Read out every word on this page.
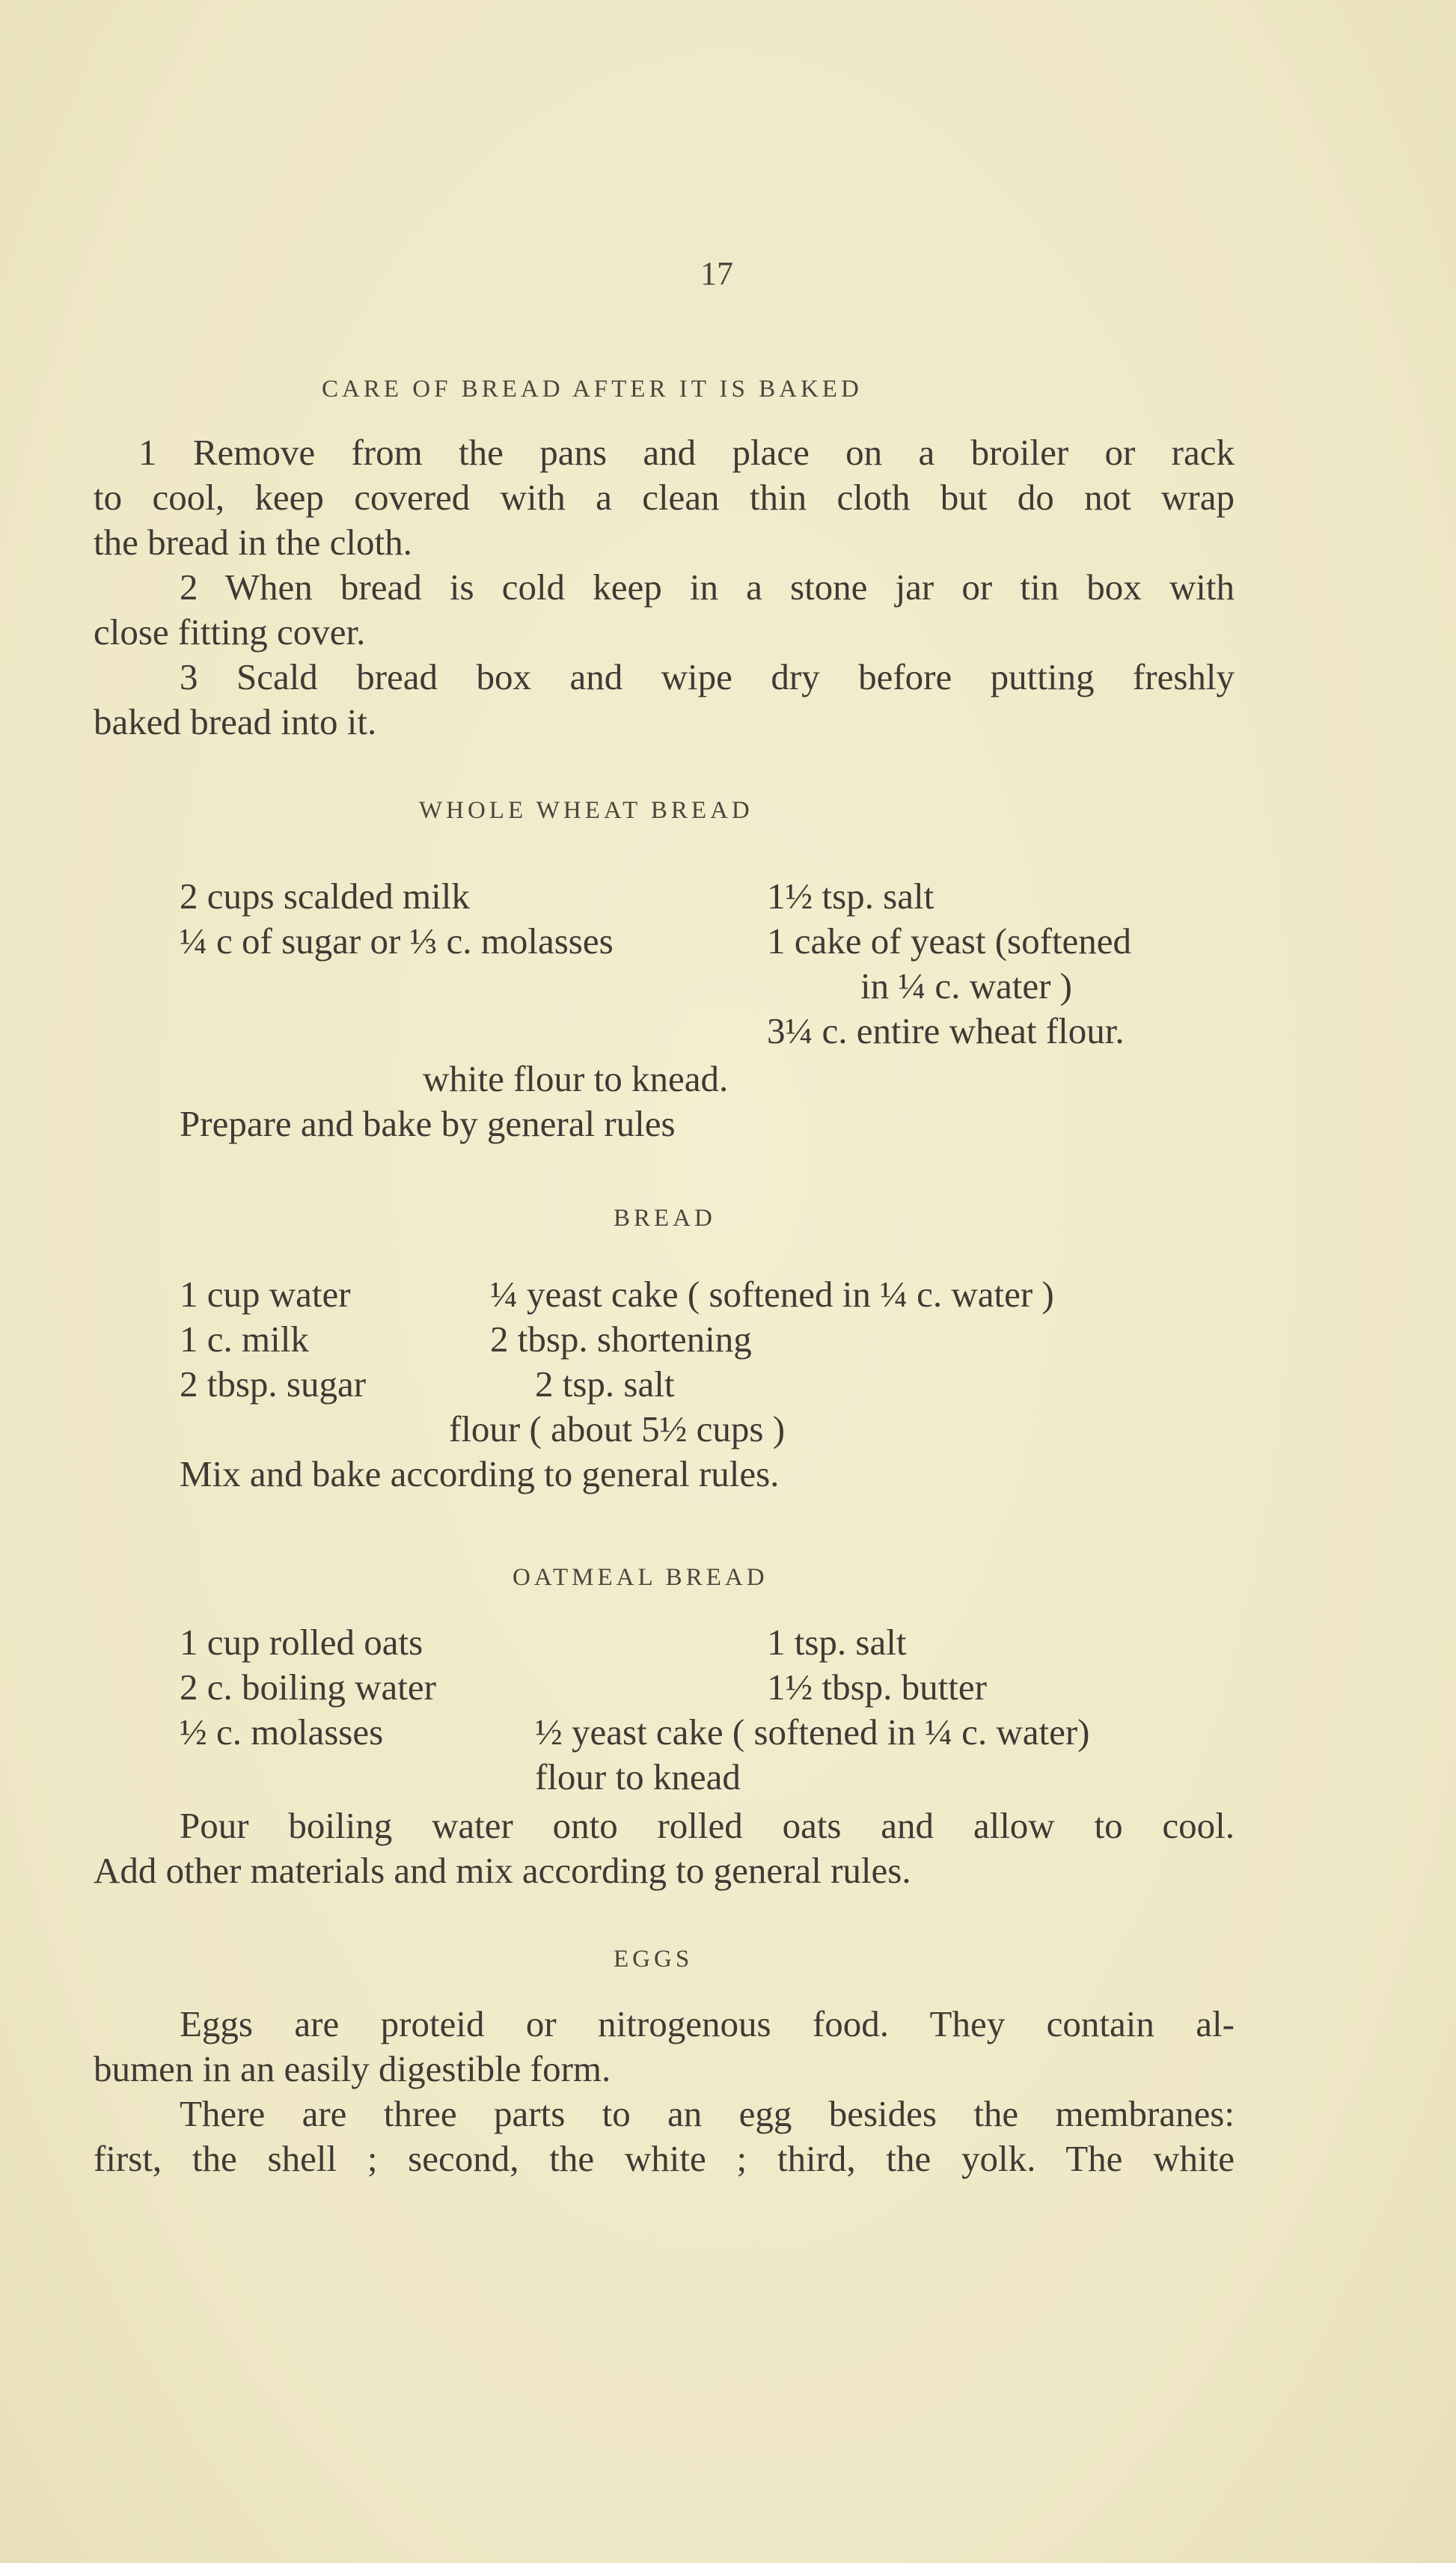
17
CARE OF BREAD AFTER IT IS BAKED
1 Remove from the pans and place on a broiler or rack
to cool, keep covered with a clean thin cloth but do not wrap
the bread in the cloth.
2 When bread is cold keep in a stone jar or tin box with
close fitting cover.
3 Scald bread box and wipe dry before putting freshly
baked bread into it.
WHOLE WHEAT BREAD
2 cups scalded milk	1½ tsp. salt
¼ c of sugar or ⅓ c. molasses	1 cake of yeast (softened
in ¼ c. water )
3¼ c. entire wheat flour.
white flour to knead.
Prepare and bake by general rules
BREAD
1 cup water	¼ yeast cake ( softened in ¼ c. water )
1 c. milk	2 tbsp. shortening
2 tbsp. sugar	2 tsp. salt
flour ( about 5½ cups )
Mix and bake according to general rules.
OATMEAL BREAD
1 cup rolled oats	1 tsp. salt
2 c. boiling water	1½ tbsp. butter
½ c. molasses	½ yeast cake ( softened in ¼ c. water)
flour to knead
Pour boiling water onto rolled oats and allow to cool.
Add other materials and mix according to general rules.
EGGS
Eggs are proteid or nitrogenous food. They contain al-
bumen in an easily digestible form.
There are three parts to an egg besides the membranes:
first, the shell ; second, the white ; third, the yolk. The white
